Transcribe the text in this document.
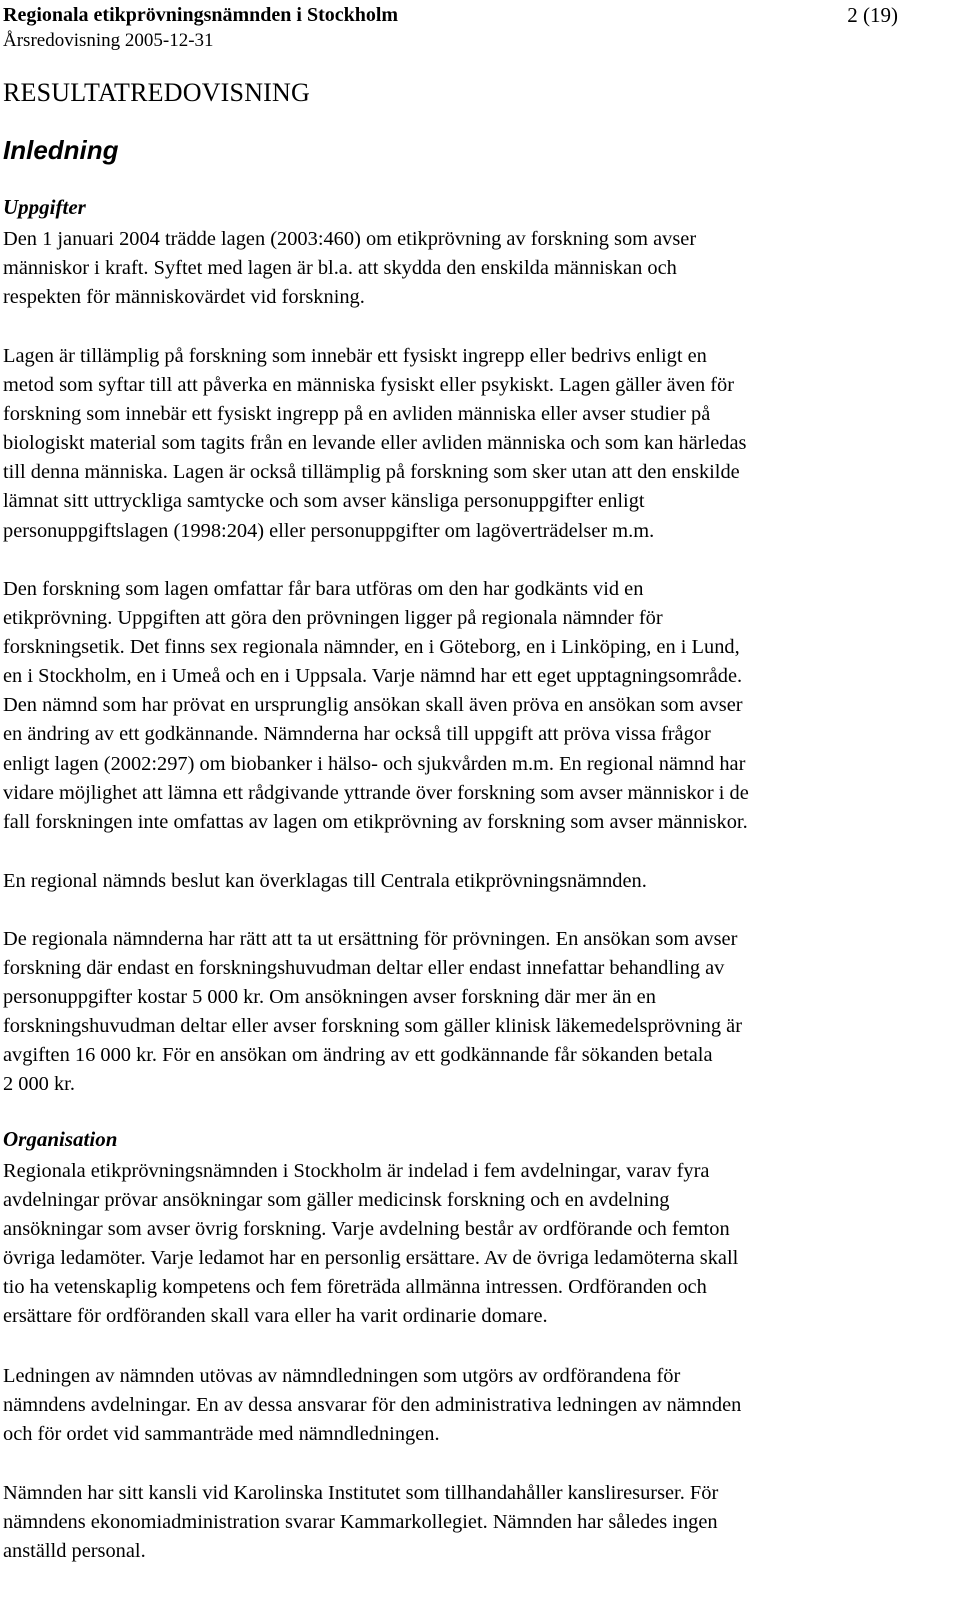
Regionala etikprövningsnämnden i Stockholm	2 (19)
Årsredovisning 2005-12-31
RESULTATREDOVISNING
Inledning
Uppgifter

Den 1 januari 2004 trädde lagen (2003:460) om etikprövning av forskning som avser
människor i kraft. Syftet med lagen är bl.a. att skydda den enskilda människan och
respekten för människovärdet vid forskning.

Lagen är tillämplig på forskning som innebär ett fysiskt ingrepp eller bedrivs enligt en
metod som syftar till att påverka en människa fysiskt eller psykiskt. Lagen gäller även för
forskning som innebär ett fysiskt ingrepp på en avliden människa eller avser studier på
biologiskt material som tagits från en levande eller avliden människa och som kan härledas
till denna människa. Lagen är också tillämplig på forskning som sker utan att den enskilde
lämnat sitt uttryckliga samtycke och som avser känsliga personuppgifter enligt
personuppgiftslagen (1998:204) eller personuppgifter om lagöverträdelser m.m.

Den forskning som lagen omfattar får bara utföras om den har godkänts vid en
etikprövning. Uppgiften att göra den prövningen ligger på regionala nämnder för
forskningsetik. Det finns sex regionala nämnder, en i Göteborg, en i Linköping, en i Lund,
en i Stockholm, en i Umeå och en i Uppsala. Varje nämnd har ett eget upptagningsområde.
Den nämnd som har prövat en ursprunglig ansökan skall även pröva en ansökan som avser
en ändring av ett godkännande. Nämnderna har också till uppgift att pröva vissa frågor
enligt lagen (2002:297) om biobanker i hälso- och sjukvården m.m. En regional nämnd har
vidare möjlighet att lämna ett rådgivande yttrande över forskning som avser människor i de
fall forskningen inte omfattas av lagen om etikprövning av forskning som avser människor.

En regional nämnds beslut kan överklagas till Centrala etikprövningsnämnden.

De regionala nämnderna har rätt att ta ut ersättning för prövningen. En ansökan som avser
forskning där endast en forskningshuvudman deltar eller endast innefattar behandling av
personuppgifter kostar 5 000 kr. Om ansökningen avser forskning där mer än en
forskningshuvudman deltar eller avser forskning som gäller klinisk läkemedelsprövning är
avgiften 16 000 kr. För en ansökan om ändring av ett godkännande får sökanden betala
2 000 kr.

Organisation

Regionala etikprövningsnämnden i Stockholm är indelad i fem avdelningar, varav fyra
avdelningar prövar ansökningar som gäller medicinsk forskning och en avdelning
ansökningar som avser övrig forskning. Varje avdelning består av ordförande och femton
övriga ledamöter. Varje ledamot har en personlig ersättare. Av de övriga ledamöterna skall
tio ha vetenskaplig kompetens och fem företräda allmänna intressen. Ordföranden och
ersättare för ordföranden skall vara eller ha varit ordinarie domare.

Ledningen av nämnden utövas av nämndledningen som utgörs av ordförandena för
nämndens avdelningar. En av dessa ansvarar för den administrativa ledningen av nämnden
och för ordet vid sammanträde med nämndledningen.

Nämnden har sitt kansli vid Karolinska Institutet som tillhandahåller kansliresurser. För
nämndens ekonomiadministration svarar Kammarkollegiet. Nämnden har således ingen
anställd personal.
